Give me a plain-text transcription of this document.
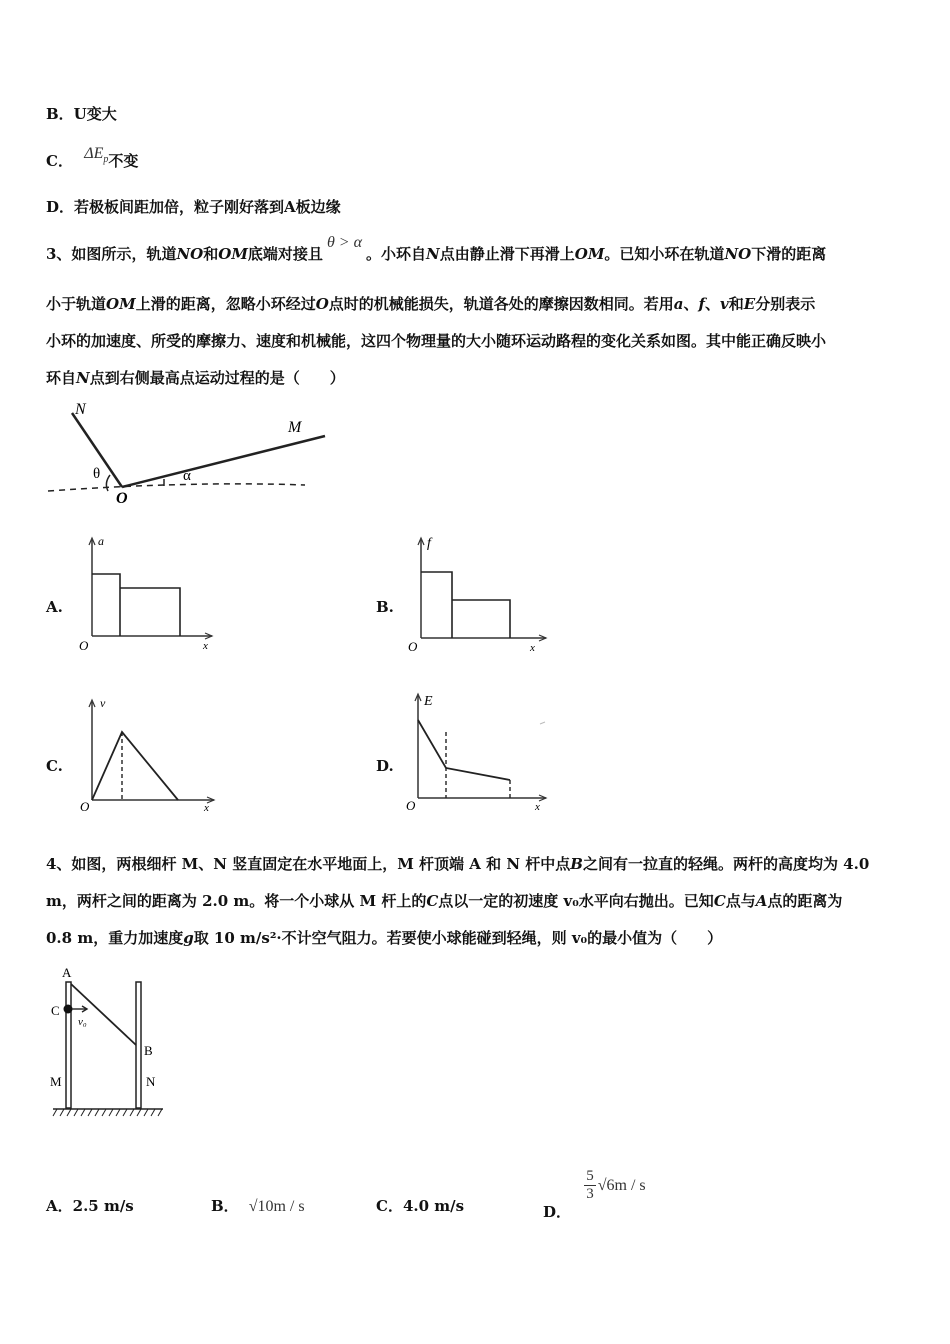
B．U变大
C． $\Delta E_p$不变
D．若极板间距加倍，粒子刚好落到A板边缘
3、如图所示，轨道NO和OM底端对接且θ > α。小环自N点由静止滑下再滑上OM。已知小环在轨道NO下滑的距离
小于轨道OM上滑的距离，忽略小环经过O点时的机械能损失，轨道各处的摩擦因数相同。若用a、f、v和E分别表示
小环的加速度、所受的摩擦力、速度和机械能，这四个物理量的大小随环运动路程的变化关系如图。其中能正确反映小
环自N点到右侧最高点运动过程的是（　　）
N
M
θ	α
O
A.
a
O	x
B.
f
O	x
C.
v
O	x
D.
E
O	x
4、如图，两根细杆 M、N 竖直固定在水平地面上，M 杆顶端 A 和 N 杆中点B之间有一拉直的轻绳。两杆的高度均为 4.0
m，两杆之间的距离为 2.0 m。将一个小球从 M 杆上的C点以一定的初速度 v₀水平向右抛出。已知C点与A点的距离为
0.8 m，重力加速度g取 10 m/s²·不计空气阻力。若要使小球能碰到轻绳，则 v₀的最小值为（　　）
A
C
v₀
B
M	N
A．2.5 m/s	B． √10m / s	C．4.0 m/s	D．
$\frac{5}{3} √6m$ / s
